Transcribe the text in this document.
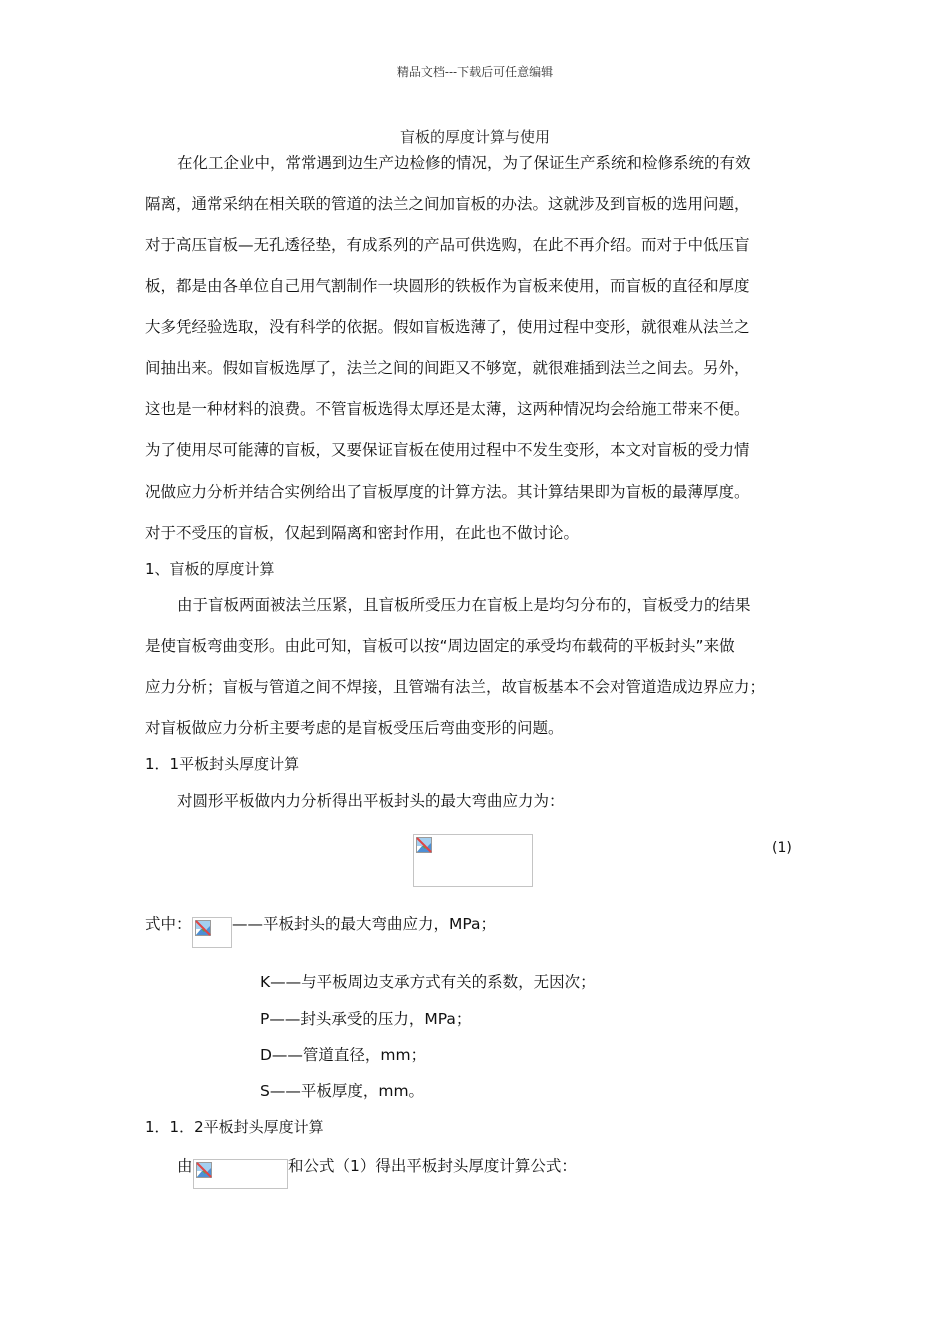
精品文档---下载后可任意编辑
盲板的厚度计算与使用
在化工企业中，常常遇到边生产边检修的情况，为了保证生产系统和检修系统的有效
隔离，通常采纳在相关联的管道的法兰之间加盲板的办法。这就涉及到盲板的选用问题，
对于高压盲板—无孔透径垫，有成系列的产品可供选购，在此不再介绍。而对于中低压盲
板，都是由各单位自己用气割制作一块圆形的铁板作为盲板来使用，而盲板的直径和厚度
大多凭经验选取，没有科学的依据。假如盲板选薄了，使用过程中变形，就很难从法兰之
间抽出来。假如盲板选厚了，法兰之间的间距又不够宽，就很难插到法兰之间去。另外，
这也是一种材料的浪费。不管盲板选得太厚还是太薄，这两种情况均会给施工带来不便。
为了使用尽可能薄的盲板，又要保证盲板在使用过程中不发生变形，本文对盲板的受力情
况做应力分析并结合实例给出了盲板厚度的计算方法。其计算结果即为盲板的最薄厚度。
对于不受压的盲板，仅起到隔离和密封作用，在此也不做讨论。
1、盲板的厚度计算
由于盲板两面被法兰压紧，且盲板所受压力在盲板上是均匀分布的，盲板受力的结果
是使盲板弯曲变形。由此可知，盲板可以按“周边固定的承受均布载荷的平板封头”来做
应力分析；盲板与管道之间不焊接，且管端有法兰，故盲板基本不会对管道造成边界应力；
对盲板做应力分析主要考虑的是盲板受压后弯曲变形的问题。
1．1平板封头厚度计算
对圆形平板做内力分析得出平板封头的最大弯曲应力为：
(1)
式中：	——平板封头的最大弯曲应力，MPa；
K——与平板周边支承方式有关的系数，无因次；
P——封头承受的压力，MPa；
D——管道直径，mm；
S——平板厚度，mm。
1．1．2平板封头厚度计算
由	和公式（1）得出平板封头厚度计算公式：
